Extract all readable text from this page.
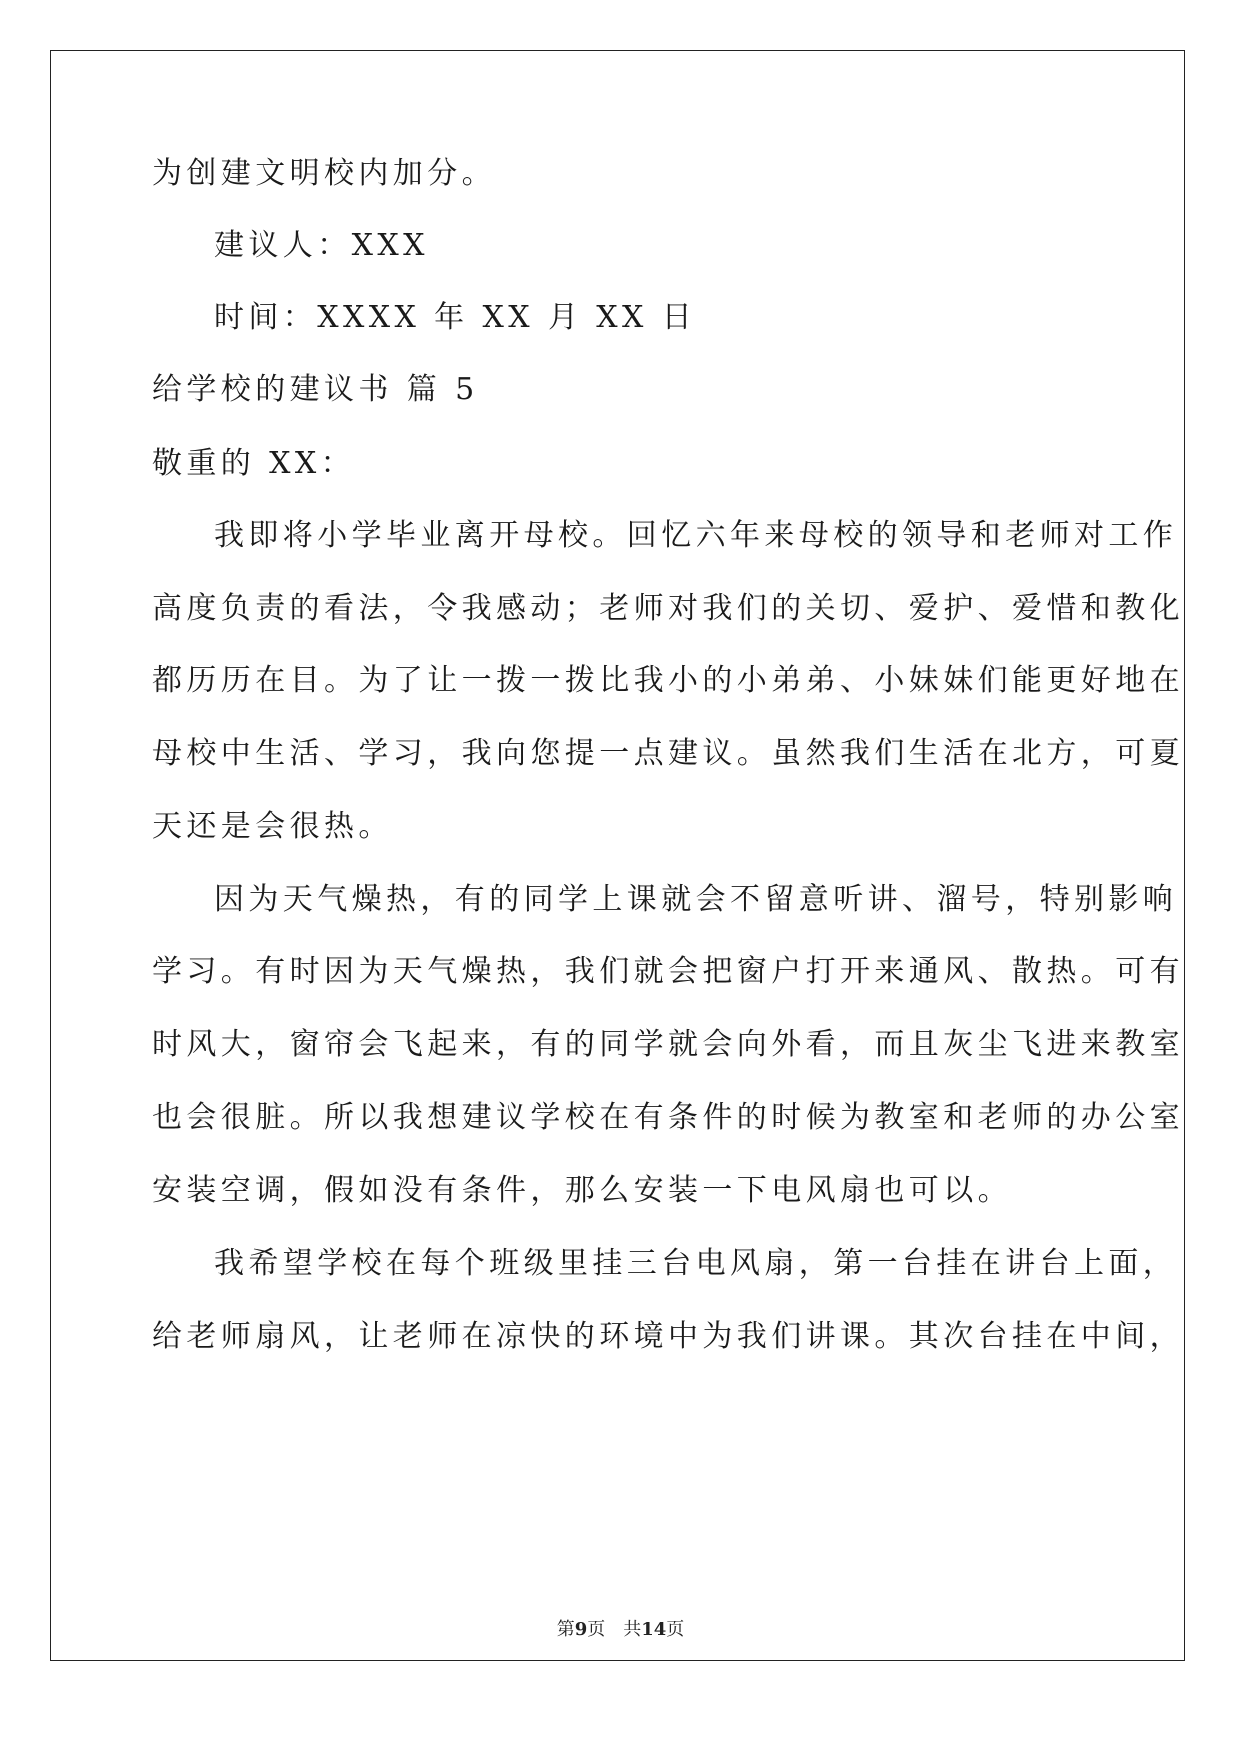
为创建文明校内加分。
建议人：XXX
时间：XXXX 年 XX 月 XX 日
给学校的建议书 篇 5
敬重的 XX：
我即将小学毕业离开母校。回忆六年来母校的领导和老师对工作
高度负责的看法，令我感动；老师对我们的关切、爱护、爱惜和教化
都历历在目。为了让一拨一拨比我小的小弟弟、小妹妹们能更好地在
母校中生活、学习，我向您提一点建议。虽然我们生活在北方，可夏
天还是会很热。
因为天气燥热，有的同学上课就会不留意听讲、溜号，特别影响
学习。有时因为天气燥热，我们就会把窗户打开来通风、散热。可有
时风大，窗帘会飞起来，有的同学就会向外看，而且灰尘飞进来教室
也会很脏。所以我想建议学校在有条件的时候为教室和老师的办公室
安装空调，假如没有条件，那么安装一下电风扇也可以。
我希望学校在每个班级里挂三台电风扇，第一台挂在讲台上面，
给老师扇风，让老师在凉快的环境中为我们讲课。其次台挂在中间，
第9页　共14页
